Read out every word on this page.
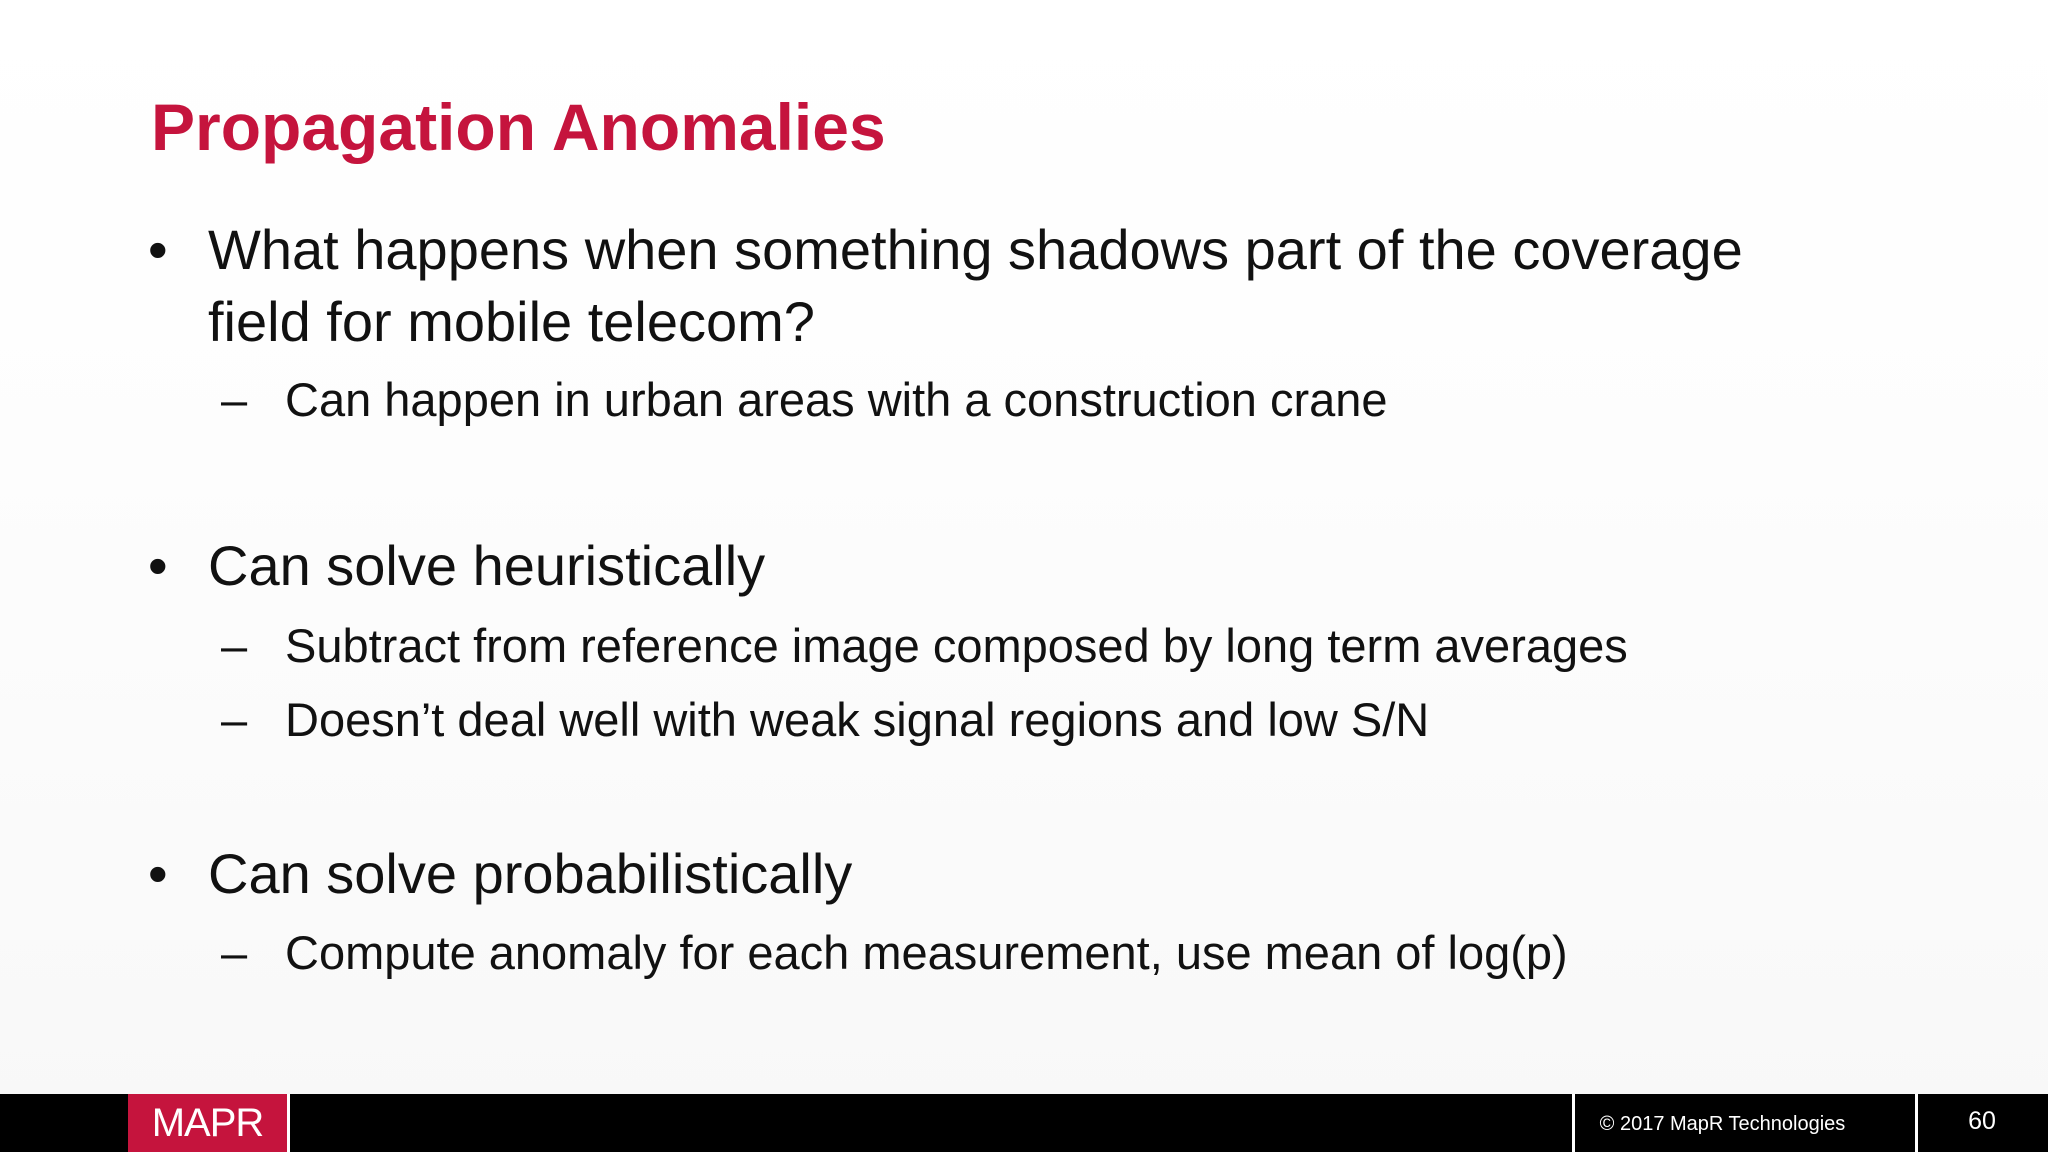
Propagation Anomalies
• What happens when something shadows part of the coverage
field for mobile telecom?
– Can happen in urban areas with a construction crane
• Can solve heuristically
– Subtract from reference image composed by long term averages
– Doesn’t deal well with weak signal regions and low S/N
• Can solve probabilistically
– Compute anomaly for each measurement, use mean of log(p)
MAPR	© 2017 MapR Technologies	60
